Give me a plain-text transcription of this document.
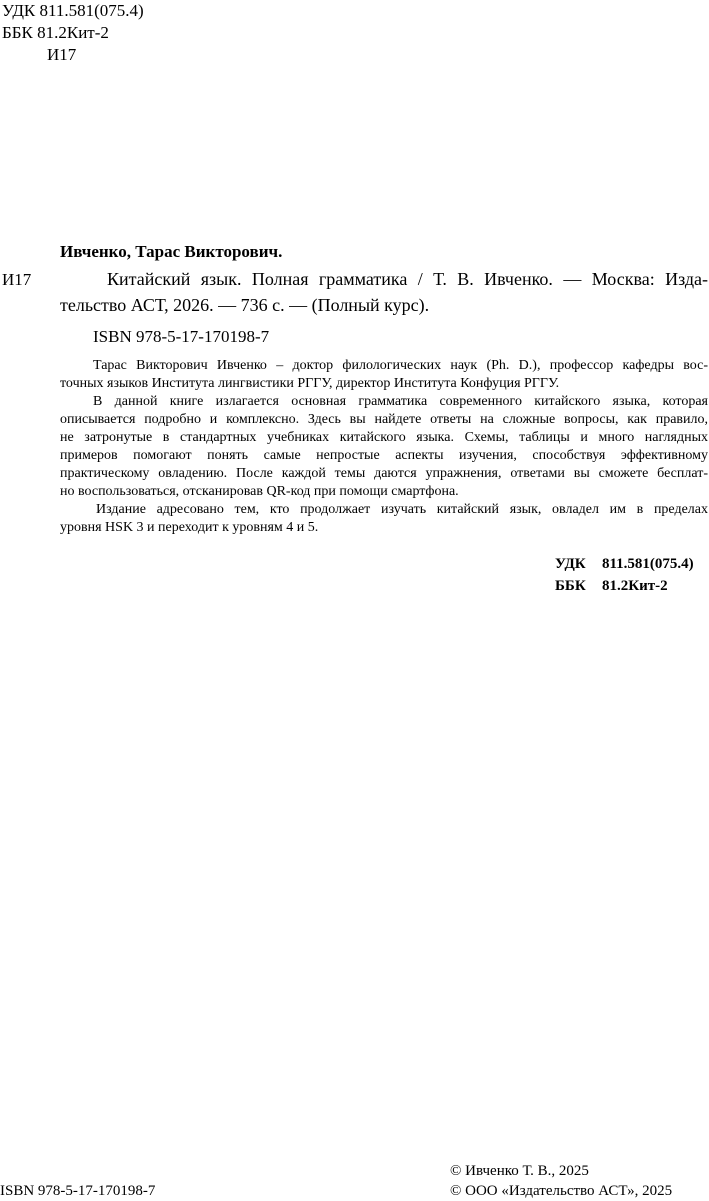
УДК 811.581(075.4)
ББК 81.2Кит-2
И17
Ивченко, Тарас Викторович.
И17	Китайский язык. Полная грамматика / Т. В. Ивченко. — Москва: Изда-
тельство АСТ, 2026. — 736 с. — (Полный курс).
ISBN 978-5-17-170198-7
Тарас Викторович Ивченко – доктор филологических наук (Ph. D.), профессор кафедры вос-
точных языков Института лингвистики РГГУ, директор Института Конфуция РГГУ.
В данной книге излагается основная грамматика современного китайского языка, которая
описывается подробно и комплексно. Здесь вы найдете ответы на сложные вопросы, как правило,
не затронутые в стандартных учебниках китайского языка. Схемы, таблицы и много наглядных
примеров помогают понять самые непростые аспекты изучения, способствуя эффективному
практическому овладению. После каждой темы даются упражнения, ответами вы сможете бесплат-
но воспользоваться, отсканировав QR-код при помощи смартфона.
Издание адресовано тем, кто продолжает изучать китайский язык, овладел им в пределах
уровня HSK 3 и переходит к уровням 4 и 5.
УДК	811.581(075.4)
ББК	81.2Кит-2
© Ивченко Т. В., 2025
© ООО «Издательство АСТ», 2025
ISBN 978-5-17-170198-7
